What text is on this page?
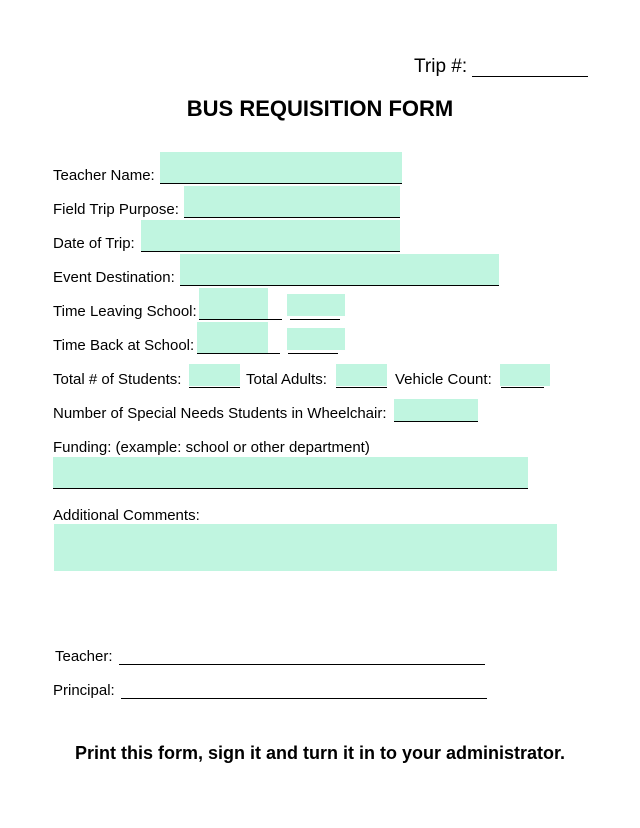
Trip #:
BUS REQUISITION FORM
Teacher Name:
Field Trip Purpose:
Date of Trip:
Event Destination:
Time Leaving School:
Time Back at School:
Total # of Students:	Total Adults:	Vehicle Count:
Number of Special Needs Students in Wheelchair:
Funding: (example: school or other department)
Additional Comments:
Teacher:
Principal:
Print this form, sign it and turn it in to your administrator.
